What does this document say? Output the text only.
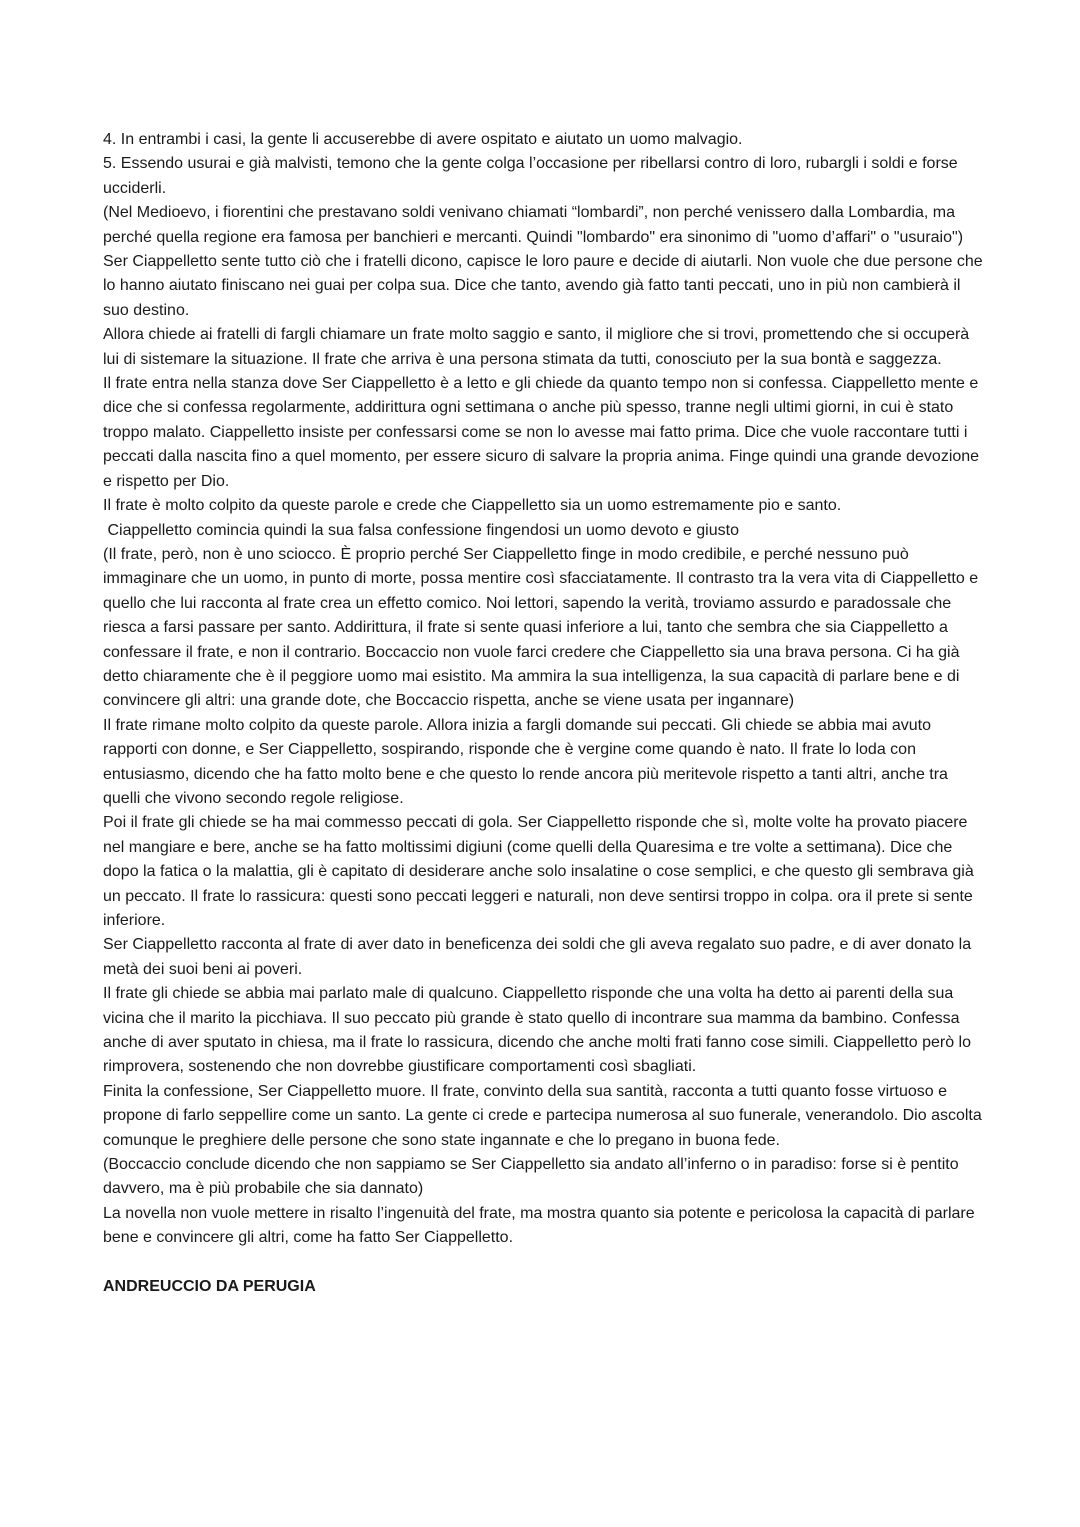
4. In entrambi i casi, la gente li accuserebbe di avere ospitato e aiutato un uomo malvagio.

5. Essendo usurai e già malvisti, temono che la gente colga l’occasione per ribellarsi contro di loro, rubargli i soldi e forse ucciderli.

(Nel Medioevo, i fiorentini che prestavano soldi venivano chiamati “lombardi”, non perché venissero dalla Lombardia, ma perché quella regione era famosa per banchieri e mercanti. Quindi "lombardo" era sinonimo di "uomo d’affari" o "usuraio")

Ser Ciappelletto sente tutto ciò che i fratelli dicono, capisce le loro paure e decide di aiutarli. Non vuole che due persone che lo hanno aiutato finiscano nei guai per colpa sua. Dice che tanto, avendo già fatto tanti peccati, uno in più non cambierà il suo destino.

Allora chiede ai fratelli di fargli chiamare un frate molto saggio e santo, il migliore che si trovi, promettendo che si occuperà lui di sistemare la situazione. Il frate che arriva è una persona stimata da tutti, conosciuto per la sua bontà e saggezza.

Il frate entra nella stanza dove Ser Ciappelletto è a letto e gli chiede da quanto tempo non si confessa. Ciappelletto mente e dice che si confessa regolarmente, addirittura ogni settimana o anche più spesso, tranne negli ultimi giorni, in cui è stato troppo malato. Ciappelletto insiste per confessarsi come se non lo avesse mai fatto prima. Dice che vuole raccontare tutti i peccati dalla nascita fino a quel momento, per essere sicuro di salvare la propria anima. Finge quindi una grande devozione e rispetto per Dio.

Il frate è molto colpito da queste parole e crede che Ciappelletto sia un uomo estremamente pio e santo.

Ciappelletto comincia quindi la sua falsa confessione fingendosi un uomo devoto e giusto

(Il frate, però, non è uno sciocco. È proprio perché Ser Ciappelletto finge in modo credibile, e perché nessuno può immaginare che un uomo, in punto di morte, possa mentire così sfacciatamente. Il contrasto tra la vera vita di Ciappelletto e quello che lui racconta al frate crea un effetto comico. Noi lettori, sapendo la verità, troviamo assurdo e paradossale che riesca a farsi passare per santo. Addirittura, il frate si sente quasi inferiore a lui, tanto che sembra che sia Ciappelletto a confessare il frate, e non il contrario. Boccaccio non vuole farci credere che Ciappelletto sia una brava persona. Ci ha già detto chiaramente che è il peggiore uomo mai esistito. Ma ammira la sua intelligenza, la sua capacità di parlare bene e di convincere gli altri: una grande dote, che Boccaccio rispetta, anche se viene usata per ingannare)

Il frate rimane molto colpito da queste parole. Allora inizia a fargli domande sui peccati. Gli chiede se abbia mai avuto rapporti con donne, e Ser Ciappelletto, sospirando, risponde che è vergine come quando è nato. Il frate lo loda con entusiasmo, dicendo che ha fatto molto bene e che questo lo rende ancora più meritevole rispetto a tanti altri, anche tra quelli che vivono secondo regole religiose.

Poi il frate gli chiede se ha mai commesso peccati di gola. Ser Ciappelletto risponde che sì, molte volte ha provato piacere nel mangiare e bere, anche se ha fatto moltissimi digiuni (come quelli della Quaresima e tre volte a settimana). Dice che dopo la fatica o la malattia, gli è capitato di desiderare anche solo insalatine o cose semplici, e che questo gli sembrava già un peccato. Il frate lo rassicura: questi sono peccati leggeri e naturali, non deve sentirsi troppo in colpa. ora il prete si sente inferiore.

Ser Ciappelletto racconta al frate di aver dato in beneficenza dei soldi che gli aveva regalato suo padre, e di aver donato la metà dei suoi beni ai poveri.

Il frate gli chiede se abbia mai parlato male di qualcuno. Ciappelletto risponde che una volta ha detto ai parenti della sua vicina che il marito la picchiava. Il suo peccato più grande è stato quello di incontrare sua mamma da bambino. Confessa anche di aver sputato in chiesa, ma il frate lo rassicura, dicendo che anche molti frati fanno cose simili. Ciappelletto però lo rimprovera, sostenendo che non dovrebbe giustificare comportamenti così sbagliati.

Finita la confessione, Ser Ciappelletto muore. Il frate, convinto della sua santità, racconta a tutti quanto fosse virtuoso e propone di farlo seppellire come un santo. La gente ci crede e partecipa numerosa al suo funerale, venerandolo. Dio ascolta comunque le preghiere delle persone che sono state ingannate e che lo pregano in buona fede.

(Boccaccio conclude dicendo che non sappiamo se Ser Ciappelletto sia andato all’inferno o in paradiso: forse si è pentito davvero, ma è più probabile che sia dannato)

La novella non vuole mettere in risalto l’ingenuità del frate, ma mostra quanto sia potente e pericolosa la capacità di parlare bene e convincere gli altri, come ha fatto Ser Ciappelletto.

ANDREUCCIO DA PERUGIA
